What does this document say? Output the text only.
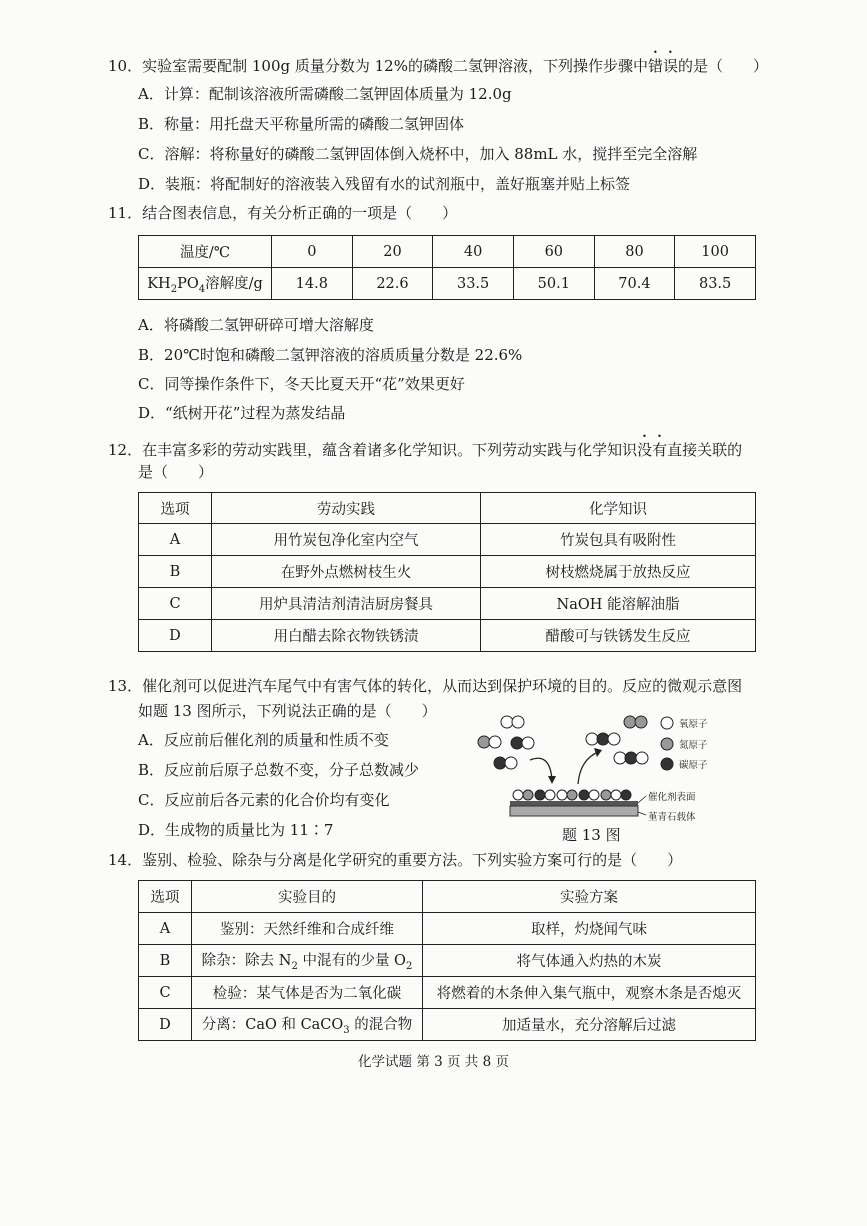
10．实验室需要配制 100g 质量分数为 12%的磷酸二氢钾溶液，下列操作步骤中错误的是（　　）
A．计算：配制该溶液所需磷酸二氢钾固体质量为 12.0g
B．称量：用托盘天平称量所需的磷酸二氢钾固体
C．溶解：将称量好的磷酸二氢钾固体倒入烧杯中，加入 88mL 水，搅拌至完全溶解
D．装瓶：将配制好的溶液装入残留有水的试剂瓶中，盖好瓶塞并贴上标签
11．结合图表信息，有关分析正确的一项是（　　）
温度/℃	0	20	40	60	80	100
$KH_2PO_4$溶解度/g	14.8	22.6	33.5	50.1	70.4	83.5
A．将磷酸二氢钾研碎可增大溶解度
B．20℃时饱和磷酸二氢钾溶液的溶质质量分数是 22.6%
C．同等操作条件下，冬天比夏天开“花”效果更好
D．“纸树开花”过程为蒸发结晶
12．在丰富多彩的劳动实践里，蕴含着诸多化学知识。下列劳动实践与化学知识没有直接关联的
是（　　）
选项	劳动实践	化学知识
A	用竹炭包净化室内空气	竹炭包具有吸附性
B	在野外点燃树枝生火	树枝燃烧属于放热反应
C	用炉具清洁剂清洁厨房餐具	NaOH 能溶解油脂
D	用白醋去除衣物铁锈渍	醋酸可与铁锈发生反应
13．催化剂可以促进汽车尾气中有害气体的转化，从而达到保护环境的目的。反应的微观示意图
如题 13 图所示，下列说法正确的是（　　）
A．反应前后催化剂的质量和性质不变
B．反应前后原子总数不变，分子总数减少
C．反应前后各元素的化合价均有变化
D．生成物的质量比为 11∶7
氧原子
氮原子
碳原子
催化剂表面
堇青石载体
题 13 图
14．鉴别、检验、除杂与分离是化学研究的重要方法。下列实验方案可行的是（　　）
选项	实验目的	实验方案
A	鉴别：天然纤维和合成纤维	取样，灼烧闻气味
B	除杂：除去 $N_2$ 中混有的少量 $O_2$	将气体通入灼热的木炭
C	检验：某气体是否为二氧化碳	将燃着的木条伸入集气瓶中，观察木条是否熄灭
D	分离：CaO 和 CaCO$_3$ 的混合物	加适量水，充分溶解后过滤
化学试题 第 3 页 共 8 页
